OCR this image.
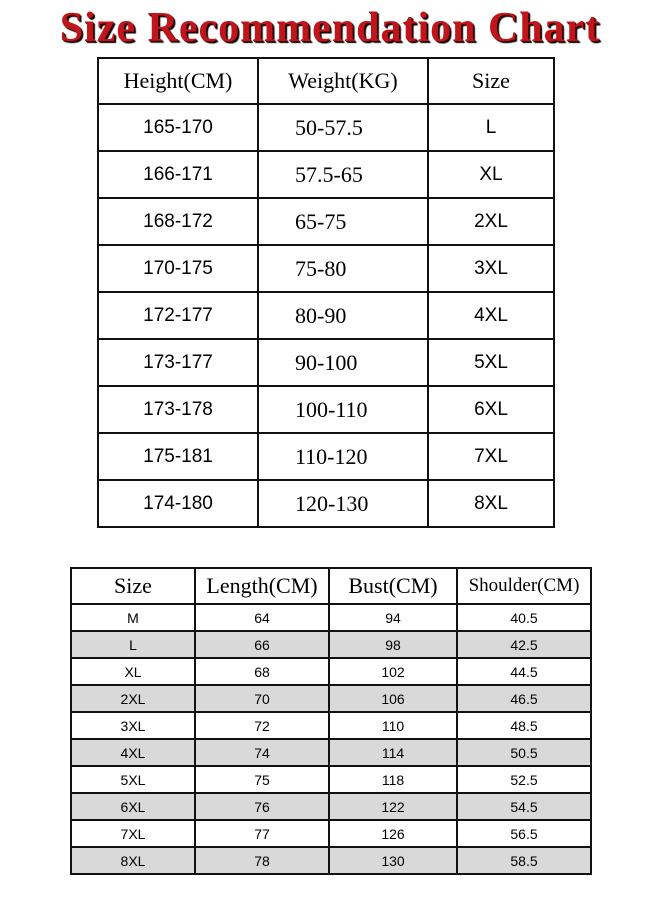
Size Recommendation Chart
Height(CM)	Weight(KG)	Size
165-170	50-57.5	L
166-171	57.5-65	XL
168-172	65-75	2XL
170-175	75-80	3XL
172-177	80-90	4XL
173-177	90-100	5XL
173-178	100-110	6XL
175-181	110-120	7XL
174-180	120-130	8XL
Size	Length(CM)	Bust(CM)	Shoulder(CM)
M	64	94	40.5
L	66	98	42.5
XL	68	102	44.5
2XL	70	106	46.5
3XL	72	110	48.5
4XL	74	114	50.5
5XL	75	118	52.5
6XL	76	122	54.5
7XL	77	126	56.5
8XL	78	130	58.5
